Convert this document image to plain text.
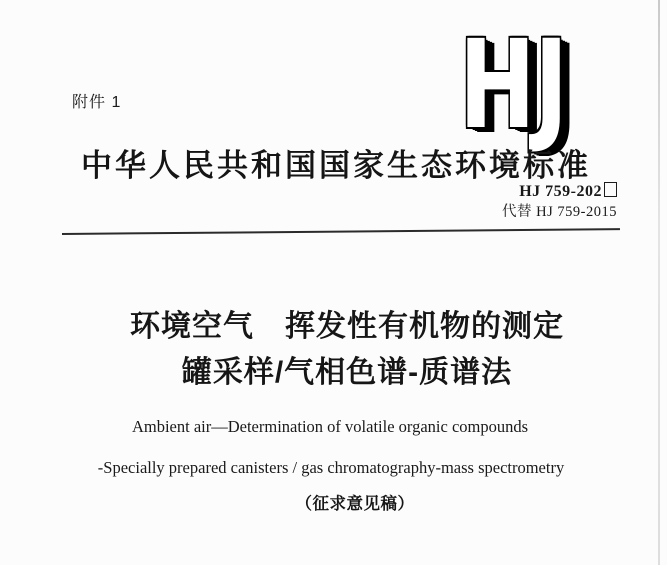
附件 1	HJ
中华人民共和国国家生态环境标准
HJ 759-202
代替 HJ 759-2015
环境空气　挥发性有机物的测定
罐采样/气相色谱-质谱法
Ambient air—Determination of volatile organic compounds
-Specially prepared canisters / gas chromatography-mass spectrometry
（征求意见稿）
